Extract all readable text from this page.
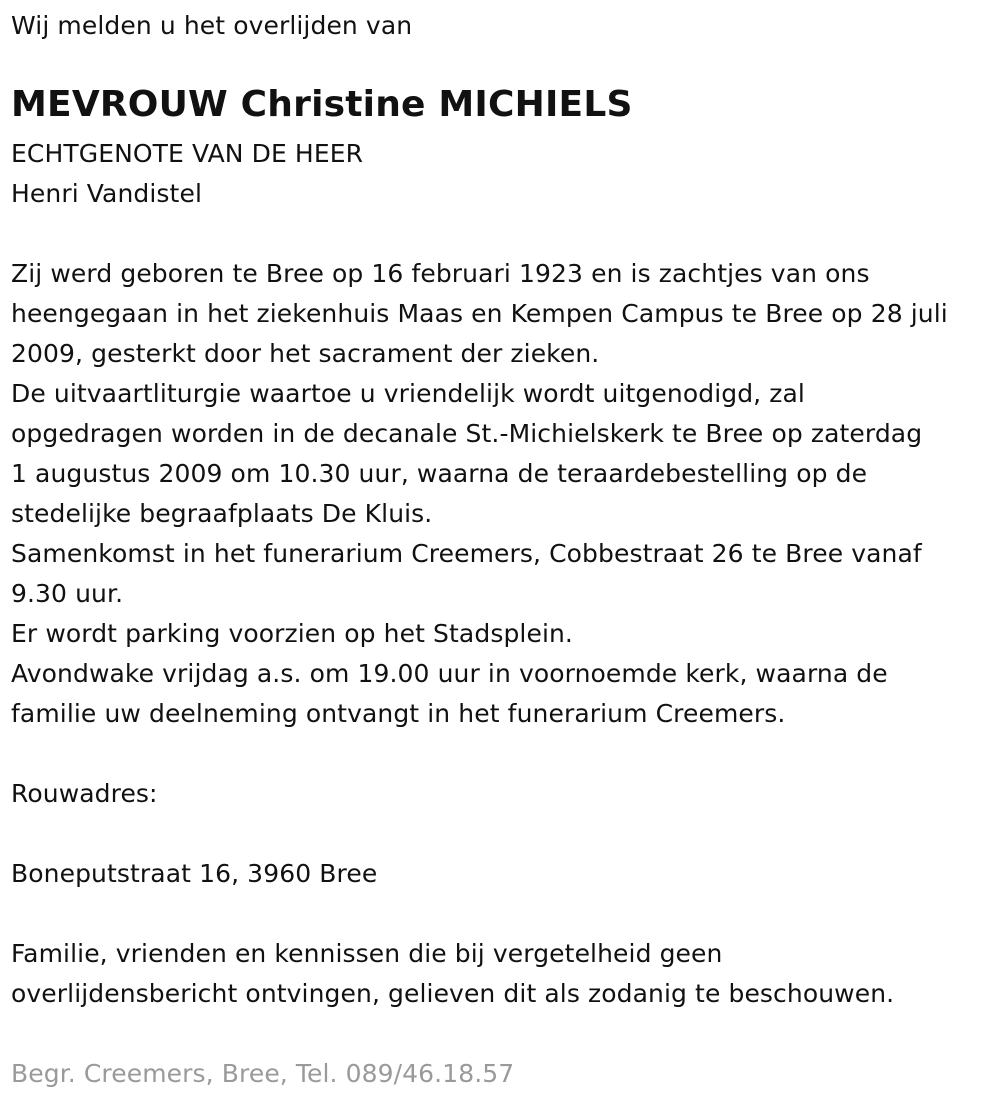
Wij melden u het overlijden van
MEVROUW Christine MICHIELS
ECHTGENOTE VAN DE HEER
Henri Vandistel
Zij werd geboren te Bree op 16 februari 1923 en is zachtjes van ons
heengegaan in het ziekenhuis Maas en Kempen Campus te Bree op 28 juli
2009, gesterkt door het sacrament der zieken.
De uitvaartliturgie waartoe u vriendelijk wordt uitgenodigd, zal
opgedragen worden in de decanale St.-Michielskerk te Bree op zaterdag
1 augustus 2009 om 10.30 uur, waarna de teraardebestelling op de
stedelijke begraafplaats De Kluis.
Samenkomst in het funerarium Creemers, Cobbestraat 26 te Bree vanaf
9.30 uur.
Er wordt parking voorzien op het Stadsplein.
Avondwake vrijdag a.s. om 19.00 uur in voornoemde kerk, waarna de
familie uw deelneming ontvangt in het funerarium Creemers.
Rouwadres:
Boneputstraat 16, 3960 Bree
Familie, vrienden en kennissen die bij vergetelheid geen
overlijdensbericht ontvingen, gelieven dit als zodanig te beschouwen.
Begr. Creemers, Bree, Tel. 089/46.18.57
